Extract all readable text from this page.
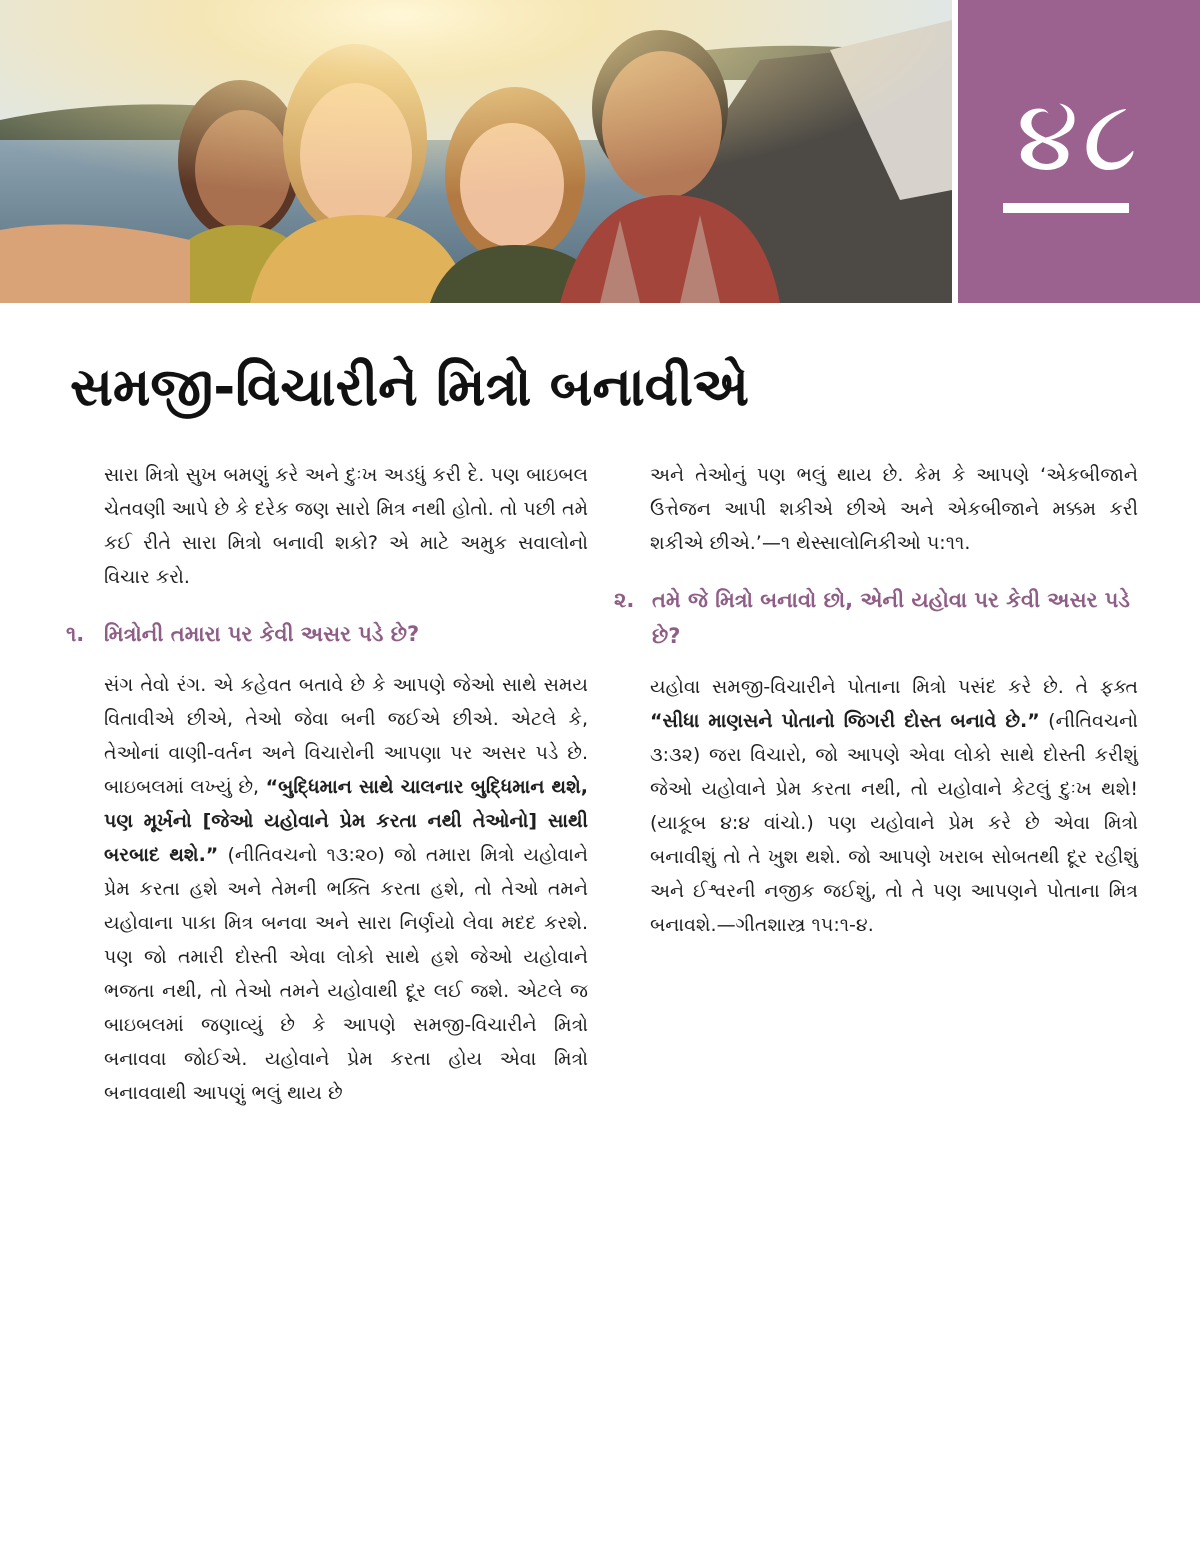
૪૮
સમજી-વિચારીને મિત્રો બનાવીએ

સારા મિત્રો સુખ બમણું કરે અને દુઃખ અડધું કરી દે. પણ બાઇબલ ચેતવણી આપે છે કે દરેક જણ સારો મિત્ર નથી હોતો. તો પછી તમે કઈ રીતે સારા મિત્રો બનાવી શકો? એ માટે અમુક સવાલોનો વિચાર કરો.

૧. મિત્રોની તમારા પર કેવી અસર પડે છે?

સંગ તેવો રંગ. એ કહેવત બતાવે છે કે આપણે જેઓ સાથે સમય વિતાવીએ છીએ, તેઓ જેવા બની જઈએ છીએ. એટલે કે, તેઓનાં વાણી-વર્તન અને વિચારોની આપણા પર અસર પડે છે. બાઇબલમાં લખ્યું છે, “બુદ્ધિમાન સાથે ચાલનાર બુદ્ધિમાન થશે, પણ મૂર્ખનો [જેઓ યહોવાને પ્રેમ કરતા નથી તેઓનો] સાથી બરબાદ થશે.” (નીતિવચનો ૧૩:૨૦) જો તમારા મિત્રો યહોવાને પ્રેમ કરતા હશે અને તેમની ભક્તિ કરતા હશે, તો તેઓ તમને યહોવાના પાકા મિત્ર બનવા અને સારા નિર્ણયો લેવા મદદ કરશે. પણ જો તમારી દોસ્તી એવા લોકો સાથે હશે જેઓ યહોવાને ભજતા નથી, તો તેઓ તમને યહોવાથી દૂર લઈ જશે. એટલે જ બાઇબલમાં જણાવ્યું છે કે આપણે સમજી-વિચારીને મિત્રો બનાવવા જોઈએ. યહોવાને પ્રેમ કરતા હોય એવા મિત્રો બનાવવાથી આપણું ભલું થાય છે

અને તેઓનું પણ ભલું થાય છે. કેમ કે આપણે ‘એકબીજાને ઉત્તેજન આપી શકીએ છીએ અને એકબીજાને મક્કમ કરી શકીએ છીએ.’—૧ થેસ્સાલોનિકીઓ ૫:૧૧.

૨. તમે જે મિત્રો બનાવો છો, એની યહોવા પર કેવી અસર પડે છે?

યહોવા સમજી-વિચારીને પોતાના મિત્રો પસંદ કરે છે. તે ફક્ત “સીધા માણસને પોતાનો જિગરી દોસ્ત બનાવે છે.” (નીતિવચનો ૩:૩૨) જરા વિચારો, જો આપણે એવા લોકો સાથે દોસ્તી કરીશું જેઓ યહોવાને પ્રેમ કરતા નથી, તો યહોવાને કેટલું દુઃખ થશે! (યાકૂબ ૪:૪ વાંચો.) પણ યહોવાને પ્રેમ કરે છે એવા મિત્રો બનાવીશું તો તે ખુશ થશે. જો આપણે ખરાબ સોબતથી દૂર રહીશું અને ઈશ્વરની નજીક જઈશું, તો તે પણ આપણને પોતાના મિત્ર બનાવશે.—ગીતશાસ્ત્ર ૧૫:૧-૪.
